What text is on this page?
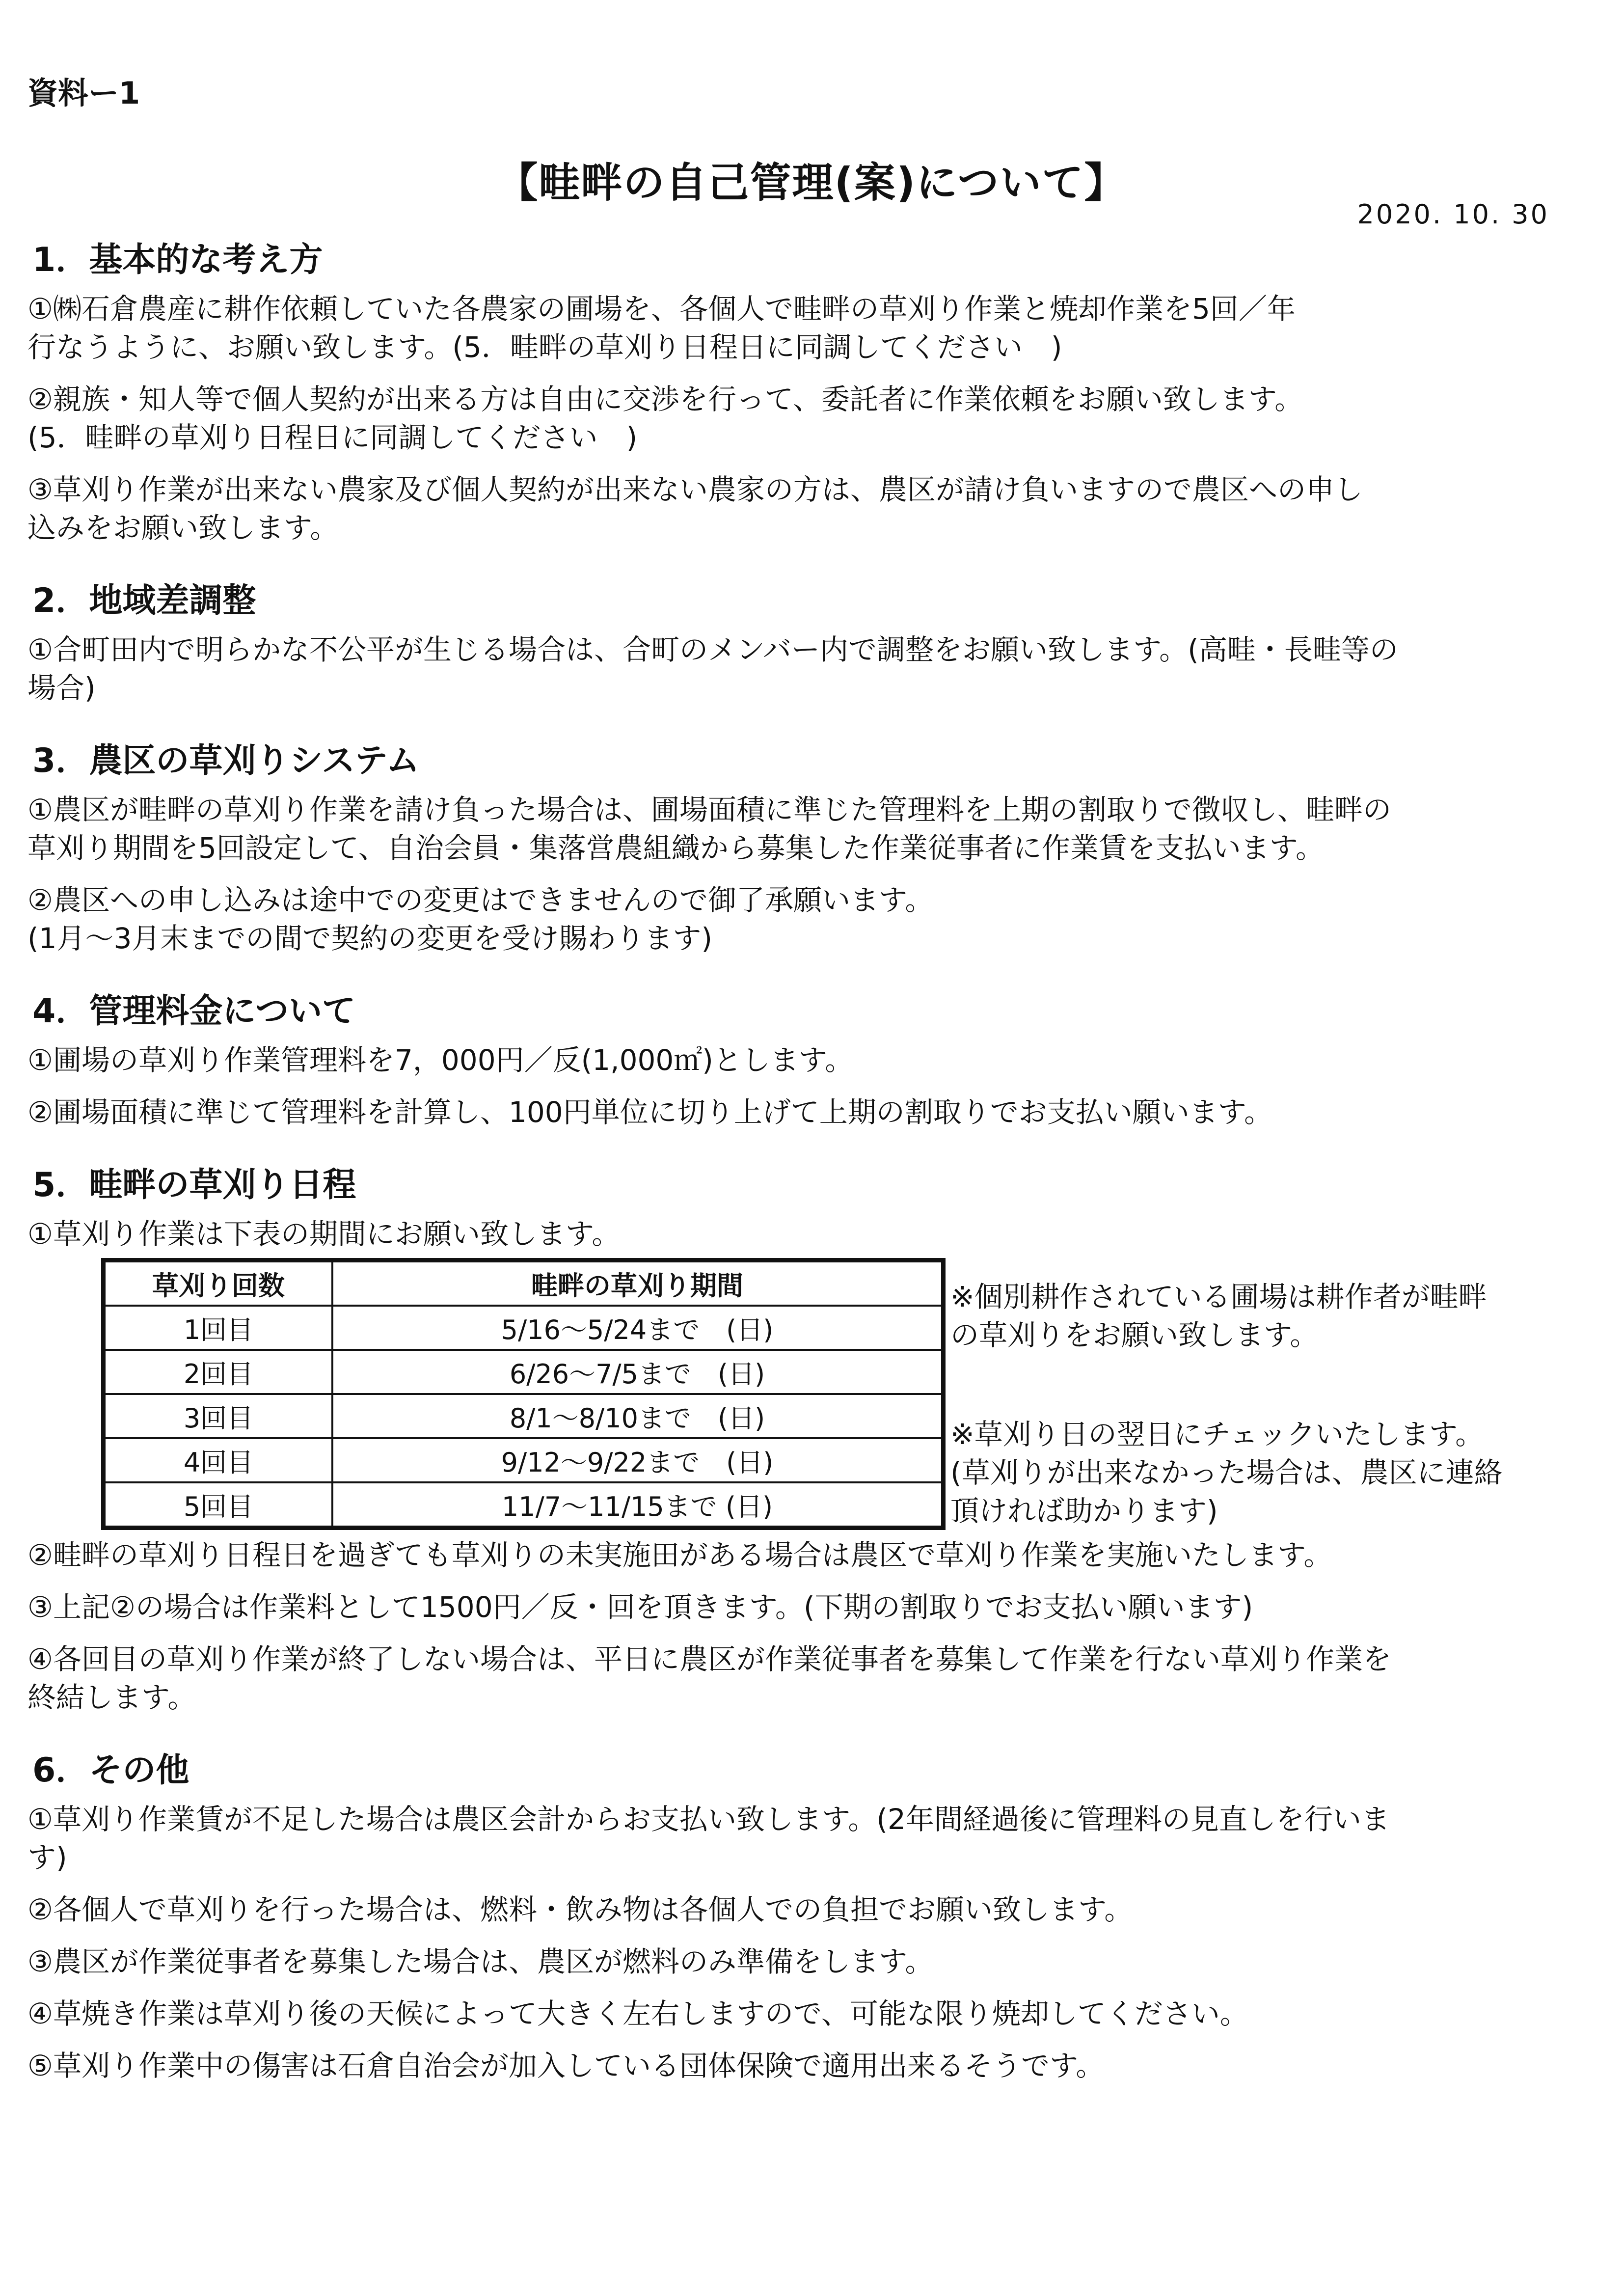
資料ー1
【畦畔の自己管理(案)について】
2020. 10. 30
1．基本的な考え方
①㈱石倉農産に耕作依頼していた各農家の圃場を、各個人で畦畔の草刈り作業と焼却作業を5回／年
行なうように、お願い致します。(5．畦畔の草刈り日程日に同調してください　)
②親族・知人等で個人契約が出来る方は自由に交渉を行って、委託者に作業依頼をお願い致します。
(5．畦畔の草刈り日程日に同調してください　)
③草刈り作業が出来ない農家及び個人契約が出来ない農家の方は、農区が請け負いますので農区への申し
込みをお願い致します。
2．地域差調整
①合町田内で明らかな不公平が生じる場合は、合町のメンバー内で調整をお願い致します。(高畦・長畦等の
場合)
3．農区の草刈りシステム
①農区が畦畔の草刈り作業を請け負った場合は、圃場面積に準じた管理料を上期の割取りで徴収し、畦畔の
草刈り期間を5回設定して、自治会員・集落営農組織から募集した作業従事者に作業賃を支払います。
②農区への申し込みは途中での変更はできませんので御了承願います。
(1月～3月末までの間で契約の変更を受け賜わります)
4．管理料金について
①圃場の草刈り作業管理料を7，000円／反(1,000㎡)とします。
②圃場面積に準じて管理料を計算し、100円単位に切り上げて上期の割取りでお支払い願います。
5．畦畔の草刈り日程
①草刈り作業は下表の期間にお願い致します。
草刈り回数	畦畔の草刈り期間
1回目	5/16～5/24まで　(日)
2回目	6/26～7/5まで　(日)
3回目	8/1～8/10まで　(日)
4回目	9/12～9/22まで　(日)
5回目	11/7～11/15まで (日)
※個別耕作されている圃場は耕作者が畦畔
の草刈りをお願い致します。
※草刈り日の翌日にチェックいたします。
(草刈りが出来なかった場合は、農区に連絡
頂ければ助かります)
②畦畔の草刈り日程日を過ぎても草刈りの未実施田がある場合は農区で草刈り作業を実施いたします。
③上記②の場合は作業料として1500円／反・回を頂きます。(下期の割取りでお支払い願います)
④各回目の草刈り作業が終了しない場合は、平日に農区が作業従事者を募集して作業を行ない草刈り作業を
終結します。
6．その他
①草刈り作業賃が不足した場合は農区会計からお支払い致します。(2年間経過後に管理料の見直しを行いま
す)
②各個人で草刈りを行った場合は、燃料・飲み物は各個人での負担でお願い致します。
③農区が作業従事者を募集した場合は、農区が燃料のみ準備をします。
④草焼き作業は草刈り後の天候によって大きく左右しますので、可能な限り焼却してください。
⑤草刈り作業中の傷害は石倉自治会が加入している団体保険で適用出来るそうです。
